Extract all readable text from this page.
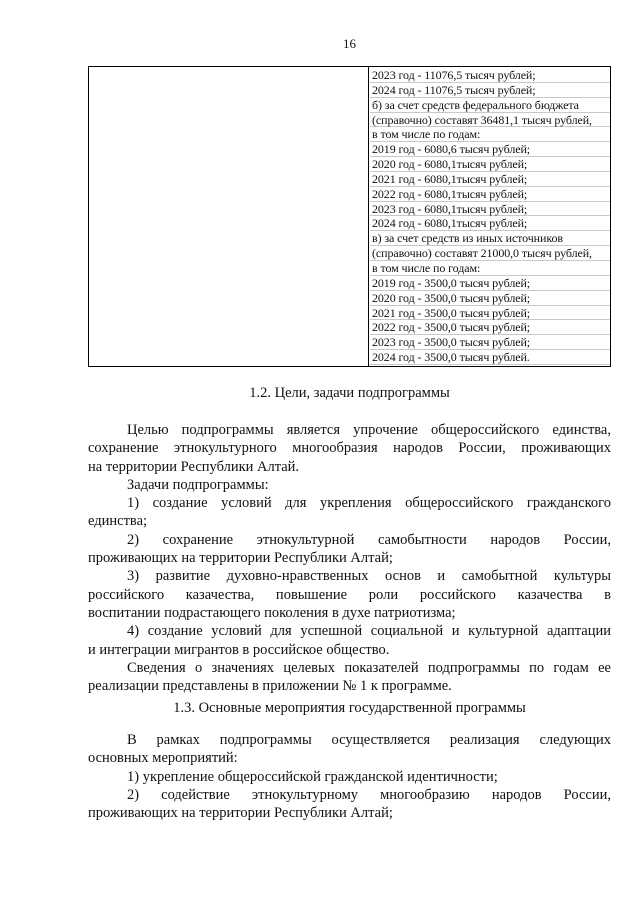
16
2023 год - 11076,5 тысяч рублей;
2024 год - 11076,5 тысяч рублей;
б) за счет средств федерального бюджета
(справочно) составят 36481,1 тысяч рублей,
в том числе по годам:
2019 год - 6080,6 тысяч рублей;
2020 год - 6080,1тысяч рублей;
2021 год - 6080,1тысяч рублей;
2022 год - 6080,1тысяч рублей;
2023 год - 6080,1тысяч рублей;
2024 год - 6080,1тысяч рублей;
в) за счет средств из иных источников
(справочно) составят 21000,0 тысяч рублей,
в том числе по годам:
2019 год - 3500,0 тысяч рублей;
2020 год - 3500,0 тысяч рублей;
2021 год - 3500,0 тысяч рублей;
2022 год - 3500,0 тысяч рублей;
2023 год - 3500,0 тысяч рублей;
2024 год - 3500,0 тысяч рублей.
1.2. Цели, задачи подпрограммы
Целью подпрограммы является упрочение общероссийского единства,
сохранение этнокультурного многообразия народов России, проживающих
на территории Республики Алтай.
Задачи подпрограммы:
1) создание условий для укрепления общероссийского гражданского
единства;
2) сохранение этнокультурной самобытности народов России,
проживающих на территории Республики Алтай;
3) развитие духовно-нравственных основ и самобытной культуры
российского казачества, повышение роли российского казачества в
воспитании подрастающего поколения в духе патриотизма;
4) создание условий для успешной социальной и культурной адаптации
и интеграции мигрантов в российское общество.
Сведения о значениях целевых показателей подпрограммы по годам ее
реализации представлены в приложении № 1 к программе.
1.3. Основные мероприятия государственной программы
В рамках подпрограммы осуществляется реализация следующих
основных мероприятий:
1) укрепление общероссийской гражданской идентичности;
2) содействие этнокультурному многообразию народов России,
проживающих на территории Республики Алтай;
